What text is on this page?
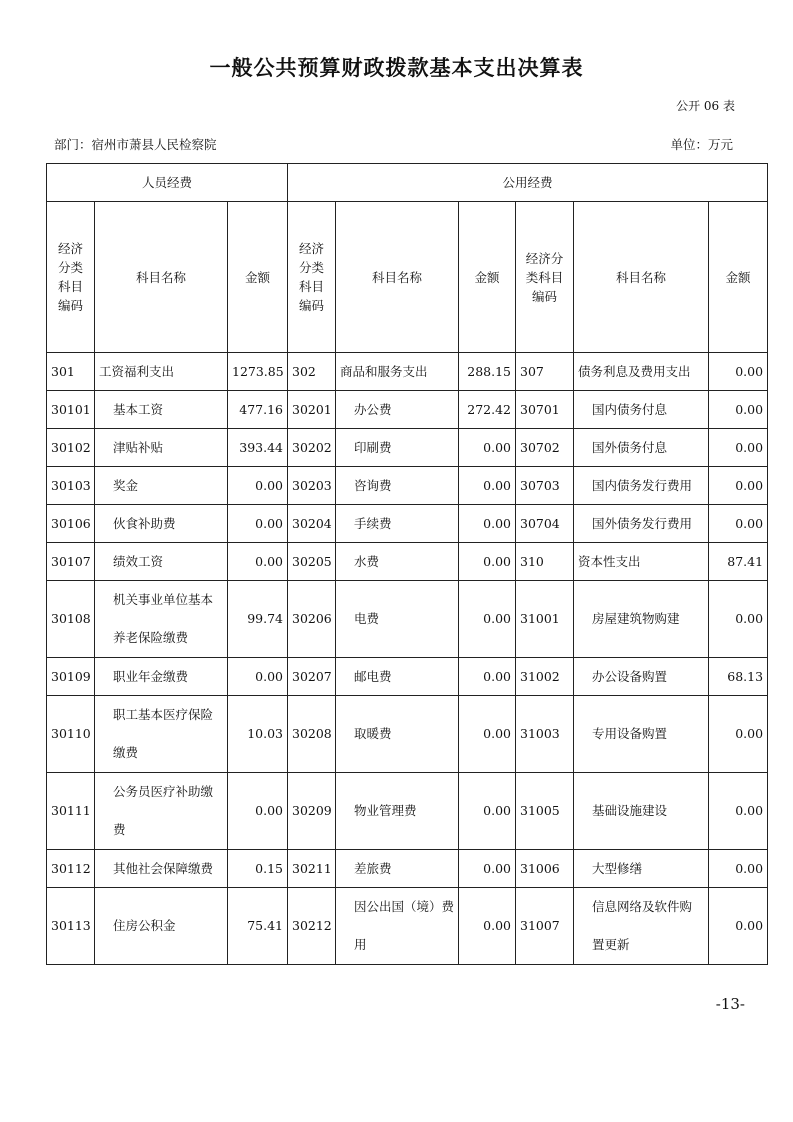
一般公共预算财政拨款基本支出决算表
公开 06 表
部门：宿州市萧县人民检察院	单位：万元
人员经费			公用经费					
经济分类科目编码	科目名称	金额	经济分类科目编码	科目名称	金额	经济分类科目编码	科目名称	金额
301	工资福利支出	1273.85	302	商品和服务支出	288.15	307	债务利息及费用支出	0.00
30101	基本工资	477.16	30201	办公费	272.42	30701	国内债务付息	0.00
30102	津贴补贴	393.44	30202	印刷费	0.00	30702	国外债务付息	0.00
30103	奖金	0.00	30203	咨询费	0.00	30703	国内债务发行费用	0.00
30106	伙食补助费	0.00	30204	手续费	0.00	30704	国外债务发行费用	0.00
30107	绩效工资	0.00	30205	水费	0.00	310	资本性支出	87.41
30108	机关事业单位基本养老保险缴费	99.74	30206	电费	0.00	31001	房屋建筑物购建	0.00
30109	职业年金缴费	0.00	30207	邮电费	0.00	31002	办公设备购置	68.13
30110	职工基本医疗保险缴费	10.03	30208	取暖费	0.00	31003	专用设备购置	0.00
30111	公务员医疗补助缴费	0.00	30209	物业管理费	0.00	31005	基础设施建设	0.00
30112	其他社会保障缴费	0.15	30211	差旅费	0.00	31006	大型修缮	0.00
30113	住房公积金	75.41	30212	因公出国（境）费用	0.00	31007	信息网络及软件购置更新	0.00
-13-
